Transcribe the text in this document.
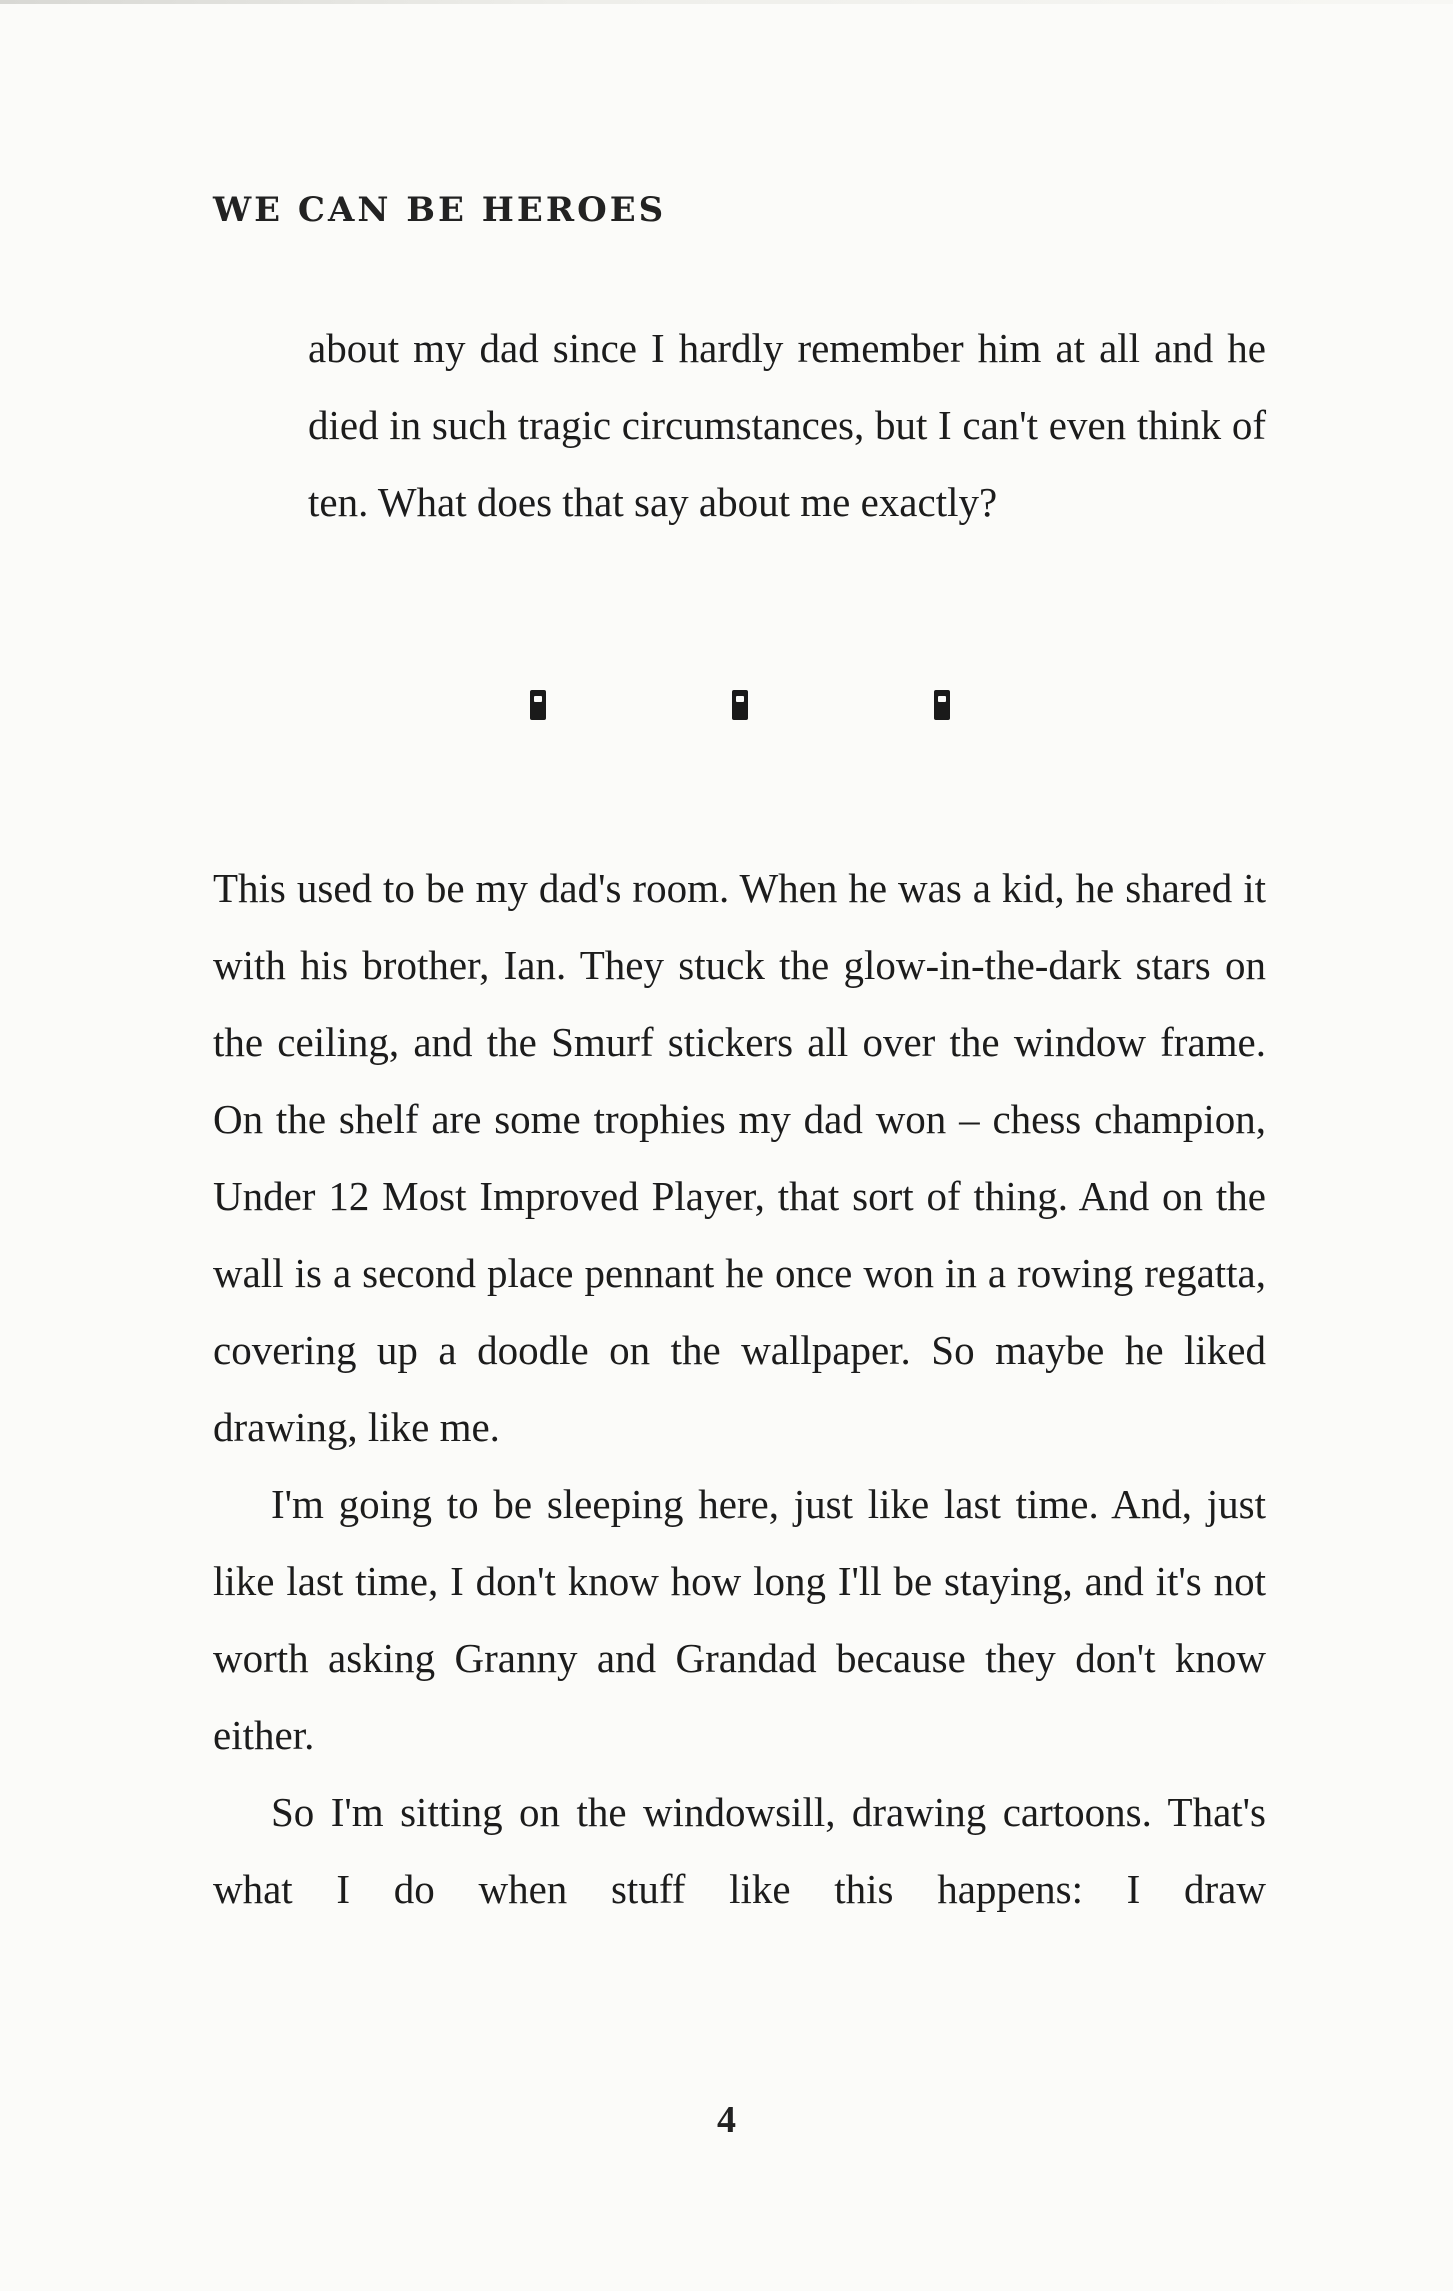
WE CAN BE HEROES

about my dad since I hardly remember him at all and he died in such tragic circumstances, but I can't even think of ten. What does that say about me exactly?

This used to be my dad's room. When he was a kid, he shared it with his brother, Ian. They stuck the glow-in-the-dark stars on the ceiling, and the Smurf stickers all over the window frame. On the shelf are some trophies my dad won – chess champion, Under 12 Most Improved Player, that sort of thing. And on the wall is a second place pennant he once won in a rowing regatta, covering up a doodle on the wallpaper. So maybe he liked drawing, like me.

I'm going to be sleeping here, just like last time. And, just like last time, I don't know how long I'll be staying, and it's not worth asking Granny and Grandad because they don't know either.

So I'm sitting on the windowsill, drawing cartoons. That's what I do when stuff like this happens: I draw

4
